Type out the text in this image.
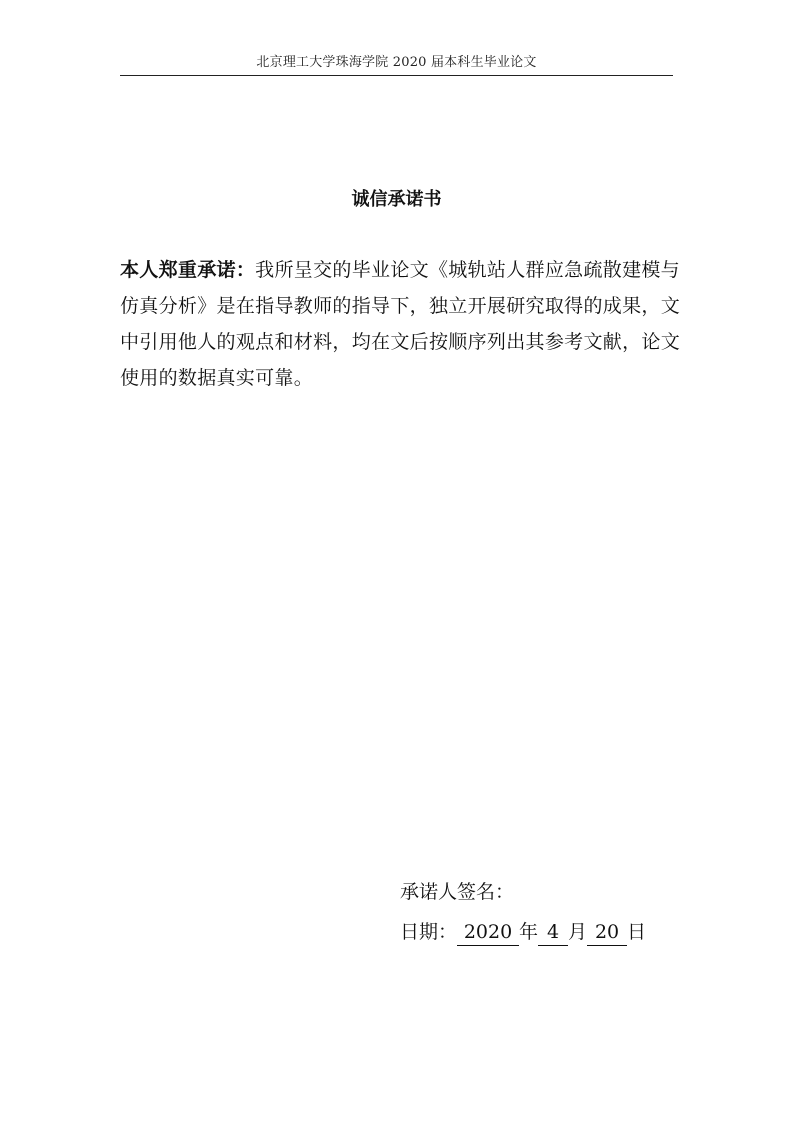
北京理工大学珠海学院 2020 届本科生毕业论文
诚信承诺书
本人郑重承诺：我所呈交的毕业论文《城轨站人群应急疏散建模与仿真分析》是在指导教师的指导下，独立开展研究取得的成果，文中引用他人的观点和材料，均在文后按顺序列出其参考文献，论文使用的数据真实可靠。
承诺人签名：
日期： 2020 年 4 月 20 日
